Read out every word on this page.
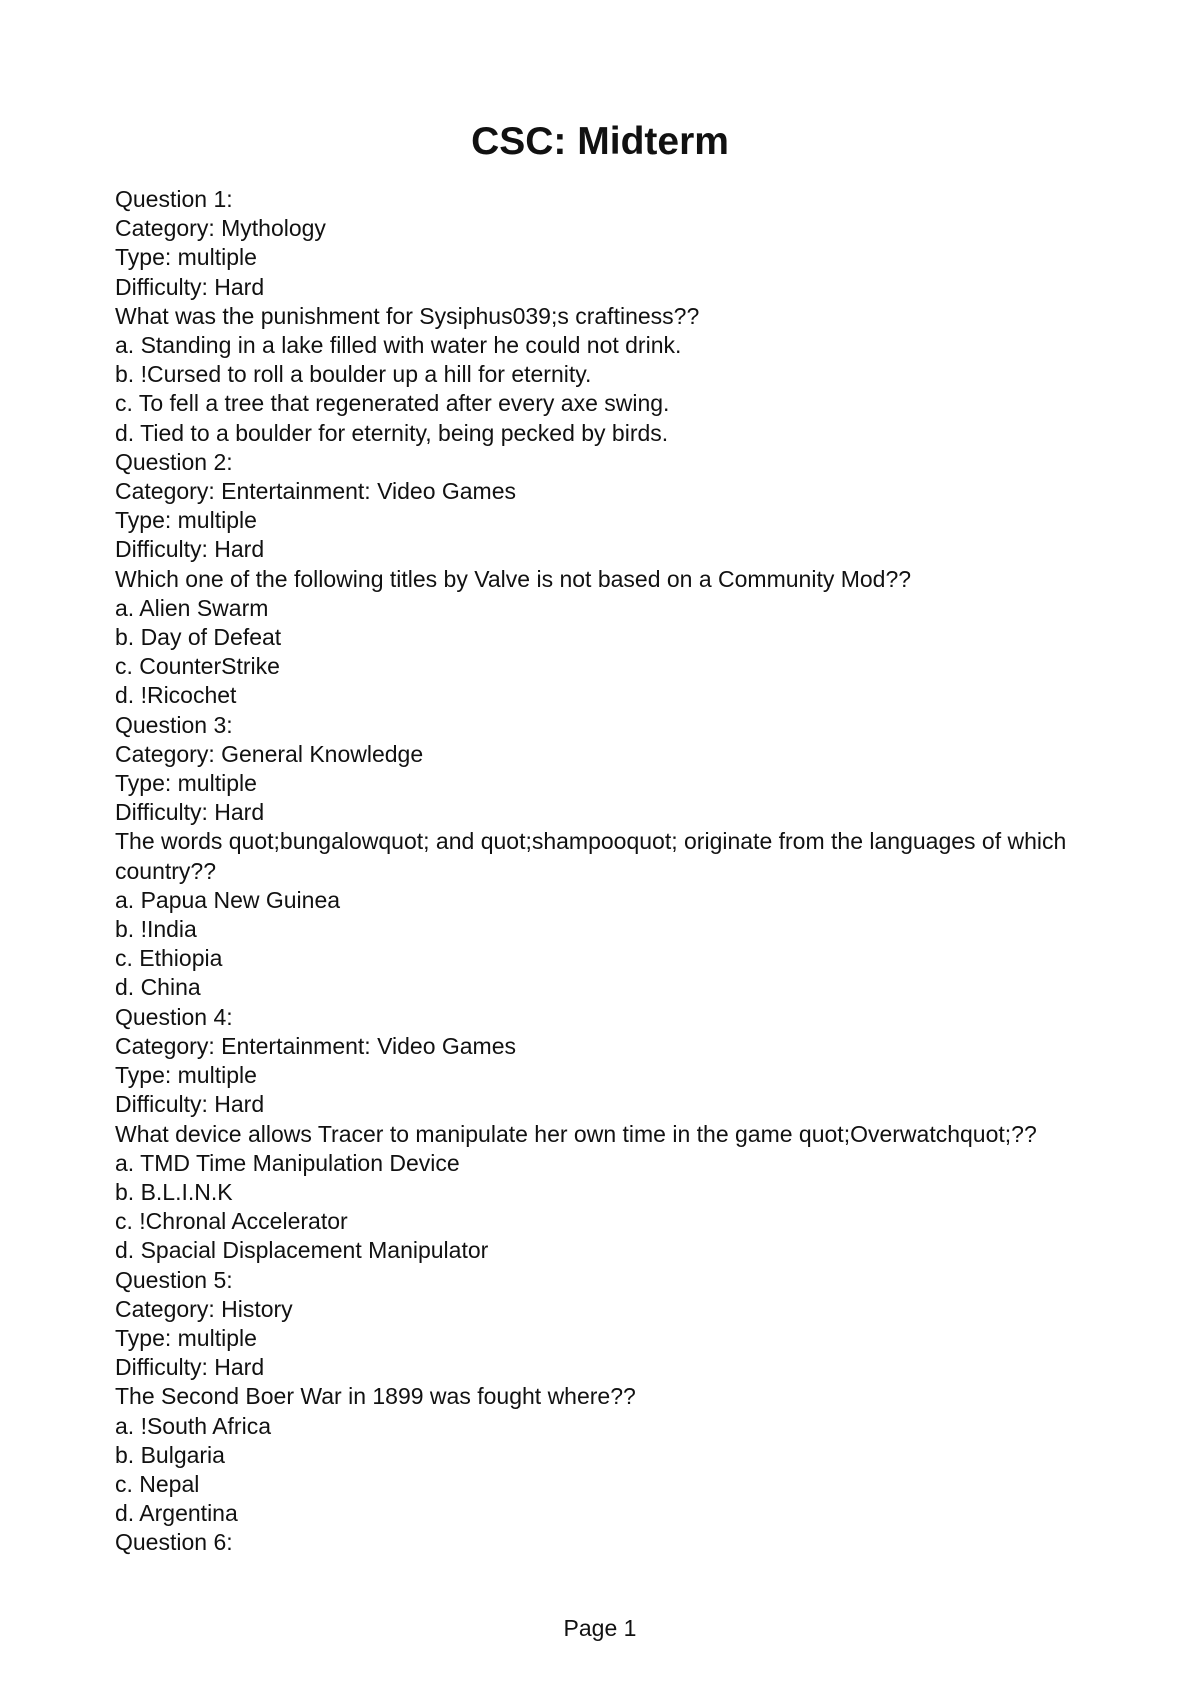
CSC: Midterm
Question 1:
Category: Mythology
Type: multiple
Difficulty: Hard
What was the punishment for Sysiphus039;s craftiness??
a. Standing in a lake filled with water he could not drink.
b. !Cursed to roll a boulder up a hill for eternity.
c. To fell a tree that regenerated after every axe swing.
d. Tied to a boulder for eternity, being pecked by birds.
Question 2:
Category: Entertainment: Video Games
Type: multiple
Difficulty: Hard
Which one of the following titles by Valve is not based on a Community Mod??
a. Alien Swarm
b. Day of Defeat
c. CounterStrike
d. !Ricochet
Question 3:
Category: General Knowledge
Type: multiple
Difficulty: Hard
The words quot;bungalowquot; and quot;shampooquot; originate from the languages of which country??
a. Papua New Guinea
b. !India
c. Ethiopia
d. China
Question 4:
Category: Entertainment: Video Games
Type: multiple
Difficulty: Hard
What device allows Tracer to manipulate her own time in the game quot;Overwatchquot;??
a. TMD Time Manipulation Device
b. B.L.I.N.K
c. !Chronal Accelerator
d. Spacial Displacement Manipulator
Question 5:
Category: History
Type: multiple
Difficulty: Hard
The Second Boer War in 1899 was fought where??
a. !South Africa
b. Bulgaria
c. Nepal
d. Argentina
Question 6:
Page 1
